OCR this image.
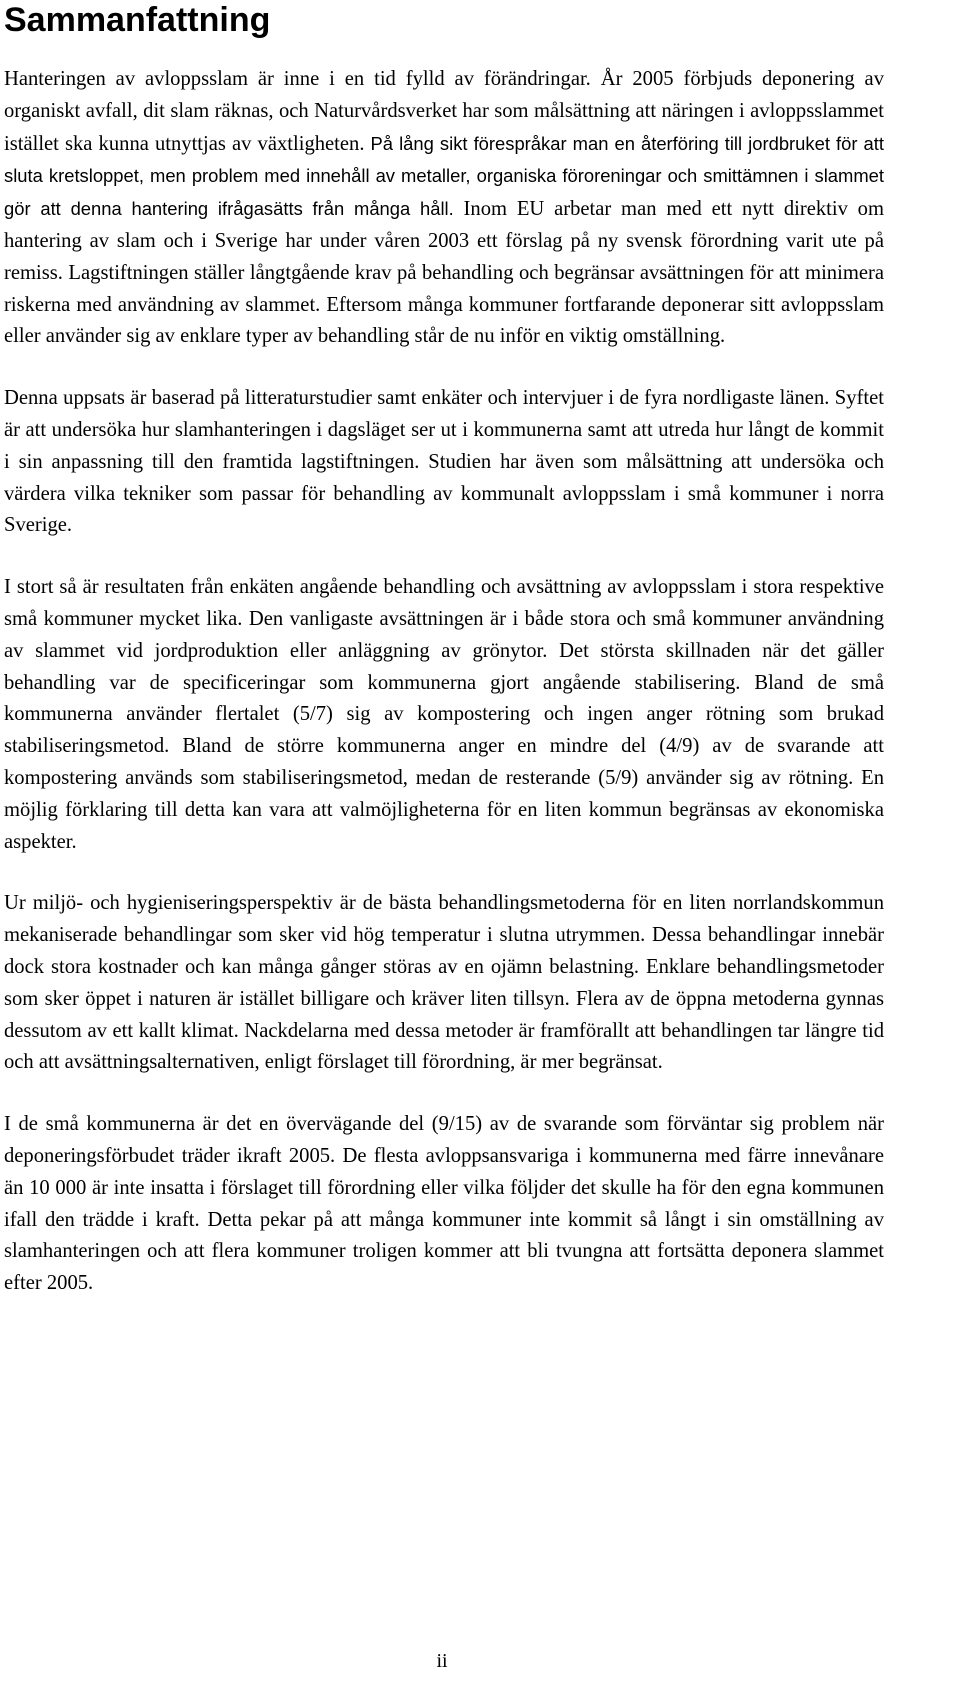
Sammanfattning

Hanteringen av avloppsslam är inne i en tid fylld av förändringar. År 2005 förbjuds deponering av organiskt avfall, dit slam räknas, och Naturvårdsverket har som målsättning att näringen i avloppsslammet istället ska kunna utnyttjas av växtligheten. På lång sikt förespråkar man en återföring till jordbruket för att sluta kretsloppet, men problem med innehåll av metaller, organiska föroreningar och smittämnen i slammet gör att denna hantering ifrågasätts från många håll. Inom EU arbetar man med ett nytt direktiv om hantering av slam och i Sverige har under våren 2003 ett förslag på ny svensk förordning varit ute på remiss. Lagstiftningen ställer långtgående krav på behandling och begränsar avsättningen för att minimera riskerna med användning av slammet. Eftersom många kommuner fortfarande deponerar sitt avloppsslam eller använder sig av enklare typer av behandling står de nu inför en viktig omställning.

Denna uppsats är baserad på litteraturstudier samt enkäter och intervjuer i de fyra nordligaste länen. Syftet är att undersöka hur slamhanteringen i dagsläget ser ut i kommunerna samt att utreda hur långt de kommit i sin anpassning till den framtida lagstiftningen. Studien har även som målsättning att undersöka och värdera vilka tekniker som passar för behandling av kommunalt avloppsslam i små kommuner i norra Sverige.

I stort så är resultaten från enkäten angående behandling och avsättning av avloppsslam i stora respektive små kommuner mycket lika. Den vanligaste avsättningen är i både stora och små kommuner användning av slammet vid jordproduktion eller anläggning av grönytor. Det största skillnaden när det gäller behandling var de specificeringar som kommunerna gjort angående stabilisering. Bland de små kommunerna använder flertalet (5/7) sig av kompostering och ingen anger rötning som brukad stabiliseringsmetod. Bland de större kommunerna anger en mindre del (4/9) av de svarande att kompostering används som stabiliseringsmetod, medan de resterande (5/9) använder sig av rötning. En möjlig förklaring till detta kan vara att valmöjligheterna för en liten kommun begränsas av ekonomiska aspekter.

Ur miljö- och hygieniseringsperspektiv är de bästa behandlingsmetoderna för en liten norrlandskommun mekaniserade behandlingar som sker vid hög temperatur i slutna utrymmen. Dessa behandlingar innebär dock stora kostnader och kan många gånger störas av en ojämn belastning. Enklare behandlingsmetoder som sker öppet i naturen är istället billigare och kräver liten tillsyn. Flera av de öppna metoderna gynnas dessutom av ett kallt klimat. Nackdelarna med dessa metoder är framförallt att behandlingen tar längre tid och att avsättningsalternativen, enligt förslaget till förordning, är mer begränsat.

I de små kommunerna är det en övervägande del (9/15) av de svarande som förväntar sig problem när deponeringsförbudet träder ikraft 2005. De flesta avloppsansvariga i kommunerna med färre innevånare än 10 000 är inte insatta i förslaget till förordning eller vilka följder det skulle ha för den egna kommunen ifall den trädde i kraft. Detta pekar på att många kommuner inte kommit så långt i sin omställning av slamhanteringen och att flera kommuner troligen kommer att bli tvungna att fortsätta deponera slammet efter 2005.

ii
